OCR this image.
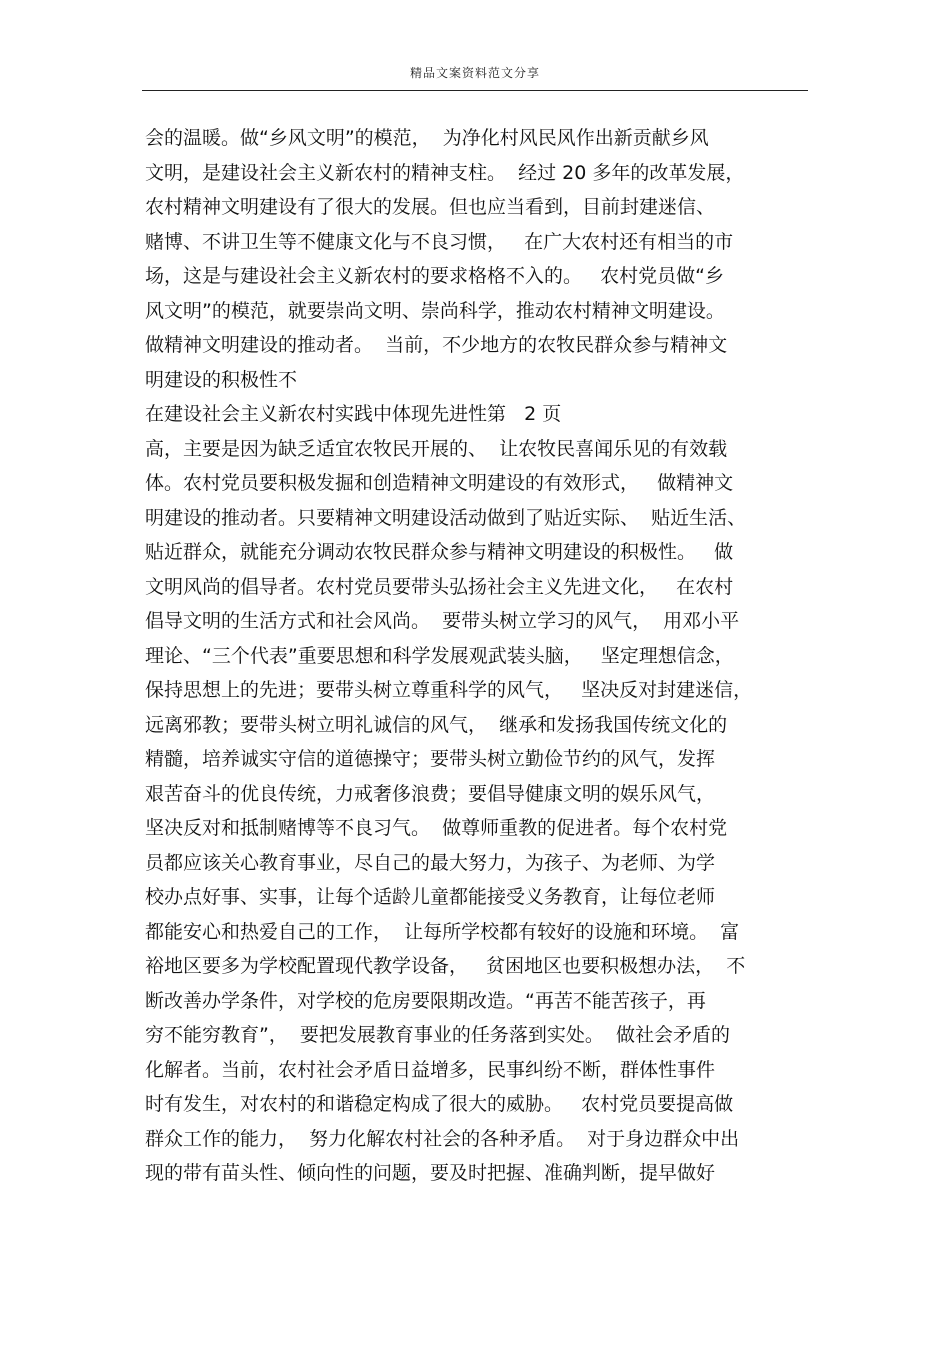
精品文案资料范文分享
会的温暖。做“乡风文明”的模范，  为净化村风民风作出新贡献乡风
文明，是建设社会主义新农村的精神支柱。  经过 20 多年的改革发展，
农村精神文明建设有了很大的发展。但也应当看到，目前封建迷信、
赌博、不讲卫生等不健康文化与不良习惯，   在广大农村还有相当的市
场，这是与建设社会主义新农村的要求格格不入的。   农村党员做“乡
风文明”的模范，就要崇尚文明、崇尚科学，推动农村精神文明建设。
做精神文明建设的推动者。  当前，不少地方的农牧民群众参与精神文
明建设的积极性不
在建设社会主义新农村实践中体现先进性第   2 页
高，主要是因为缺乏适宜农牧民开展的、  让农牧民喜闻乐见的有效载
体。农村党员要积极发掘和创造精神文明建设的有效形式，   做精神文
明建设的推动者。只要精神文明建设活动做到了贴近实际、  贴近生活、
贴近群众，就能充分调动农牧民群众参与精神文明建设的积极性。   做
文明风尚的倡导者。农村党员要带头弘扬社会主义先进文化，   在农村
倡导文明的生活方式和社会风尚。  要带头树立学习的风气，  用邓小平
理论、“三个代表”重要思想和科学发展观武装头脑，   坚定理想信念，
保持思想上的先进；要带头树立尊重科学的风气，   坚决反对封建迷信，
远离邪教；要带头树立明礼诚信的风气，  继承和发扬我国传统文化的
精髓，培养诚实守信的道德操守；要带头树立勤俭节约的风气，发挥
艰苦奋斗的优良传统，力戒奢侈浪费；要倡导健康文明的娱乐风气，
坚决反对和抵制赌博等不良习气。  做尊师重教的促进者。每个农村党
员都应该关心教育事业，尽自己的最大努力，为孩子、为老师、为学
校办点好事、实事，让每个适龄儿童都能接受义务教育，让每位老师
都能安心和热爱自己的工作，  让每所学校都有较好的设施和环境。  富
裕地区要多为学校配置现代教学设备，   贫困地区也要积极想办法，  不
断改善办学条件，对学校的危房要限期改造。“再苦不能苦孩子，再
穷不能穷教育”，  要把发展教育事业的任务落到实处。  做社会矛盾的
化解者。当前，农村社会矛盾日益增多，民事纠纷不断，群体性事件
时有发生，对农村的和谐稳定构成了很大的威胁。   农村党员要提高做
群众工作的能力，  努力化解农村社会的各种矛盾。  对于身边群众中出
现的带有苗头性、倾向性的问题，要及时把握、准确判断，提早做好
